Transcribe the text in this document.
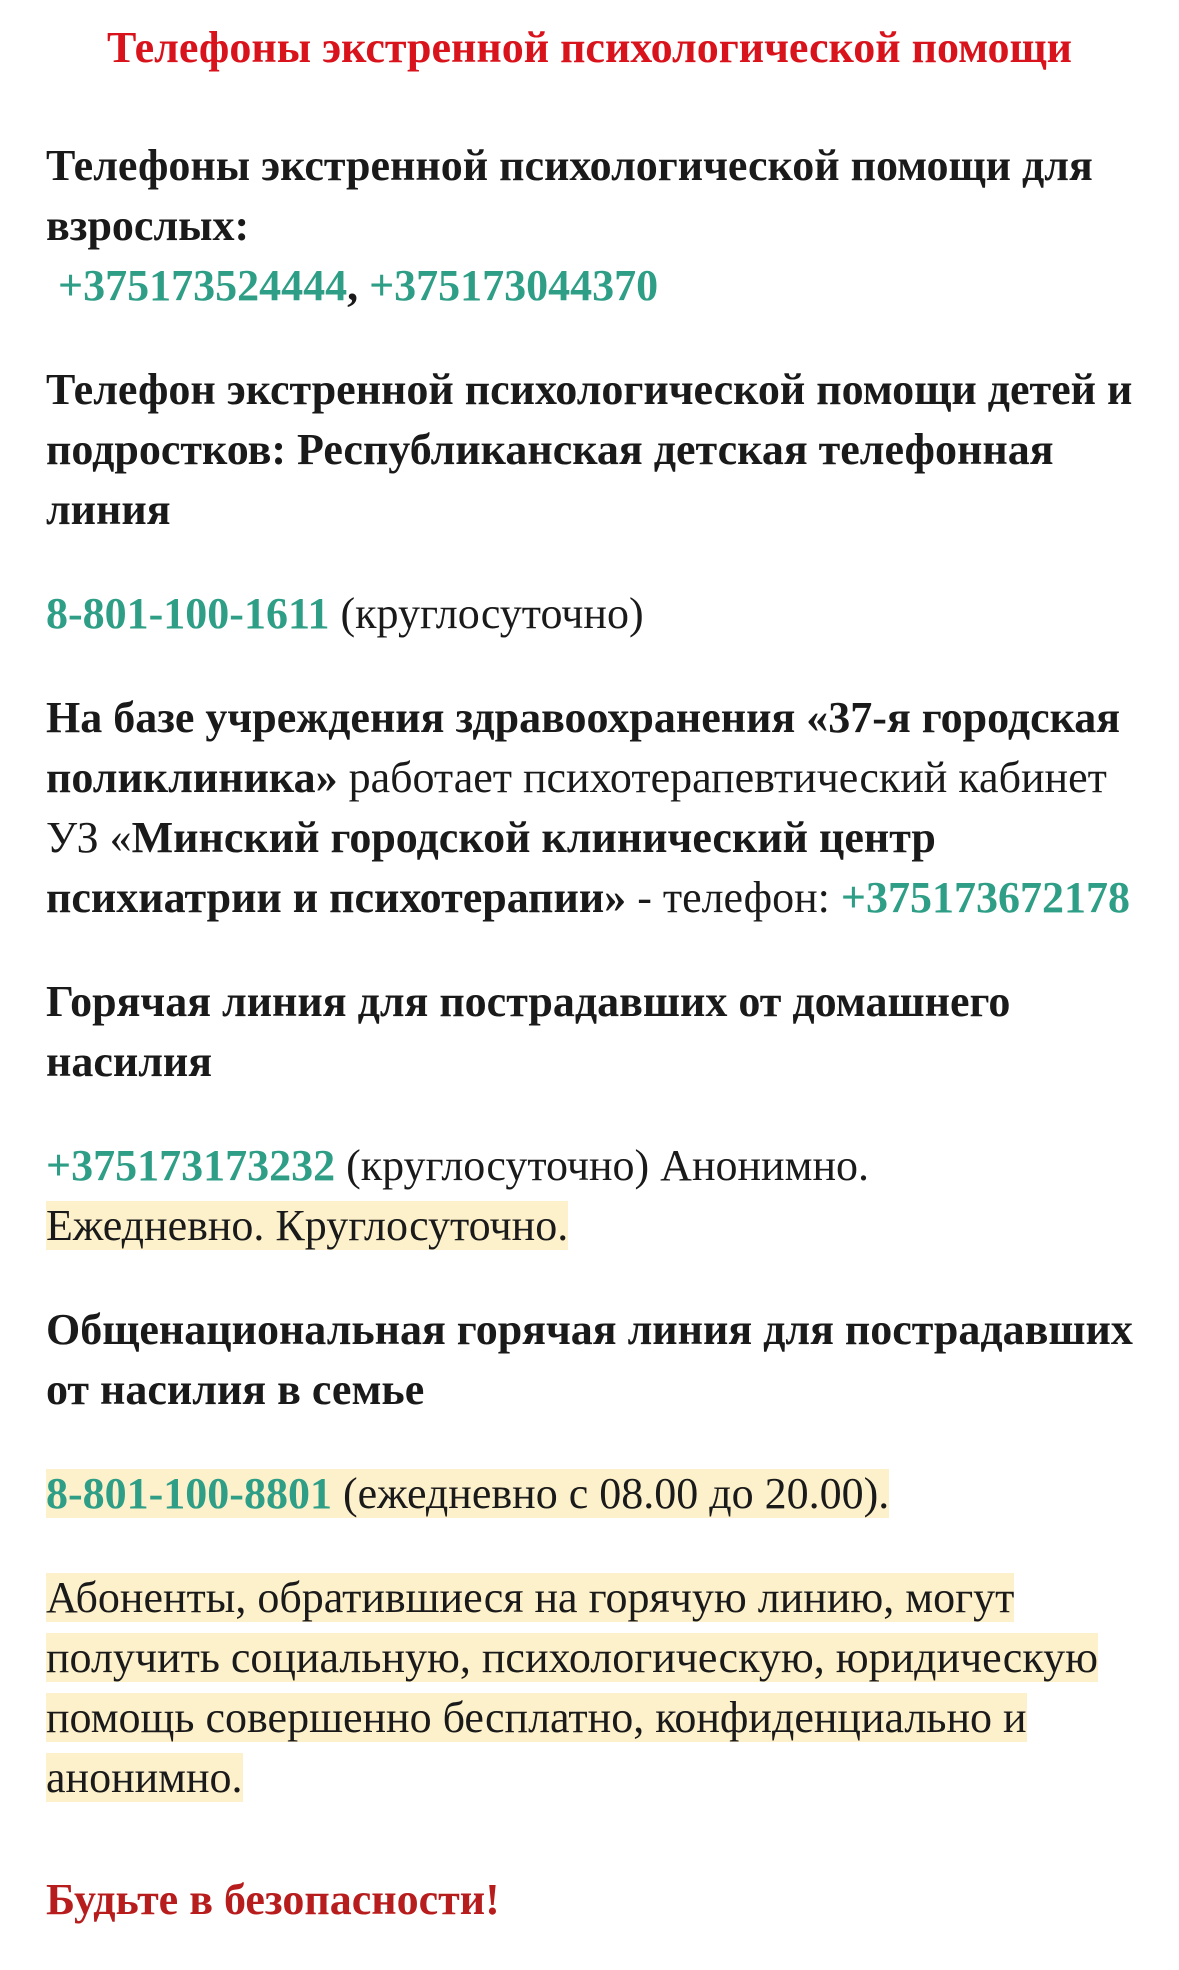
Телефоны экстренной психологической помощи
Телефоны экстренной психологической помощи для взрослых:
+375173524444, +375173044370
Телефон экстренной психологической помощи детей и подростков: Республиканская детская телефонная линия
8-801-100-1611 (круглосуточно)
На базе учреждения здравоохранения «37-я городская поликлиника» работает психотерапевтический кабинет УЗ «Минский городской клинический центр психиатрии и психотерапии» - телефон: +375173672178
Горячая линия для пострадавших от домашнего насилия
+375173173232 (круглосуточно) Анонимно.
Ежедневно. Круглосуточно.
Общенациональная горячая линия для пострадавших от насилия в семье
8-801-100-8801 (ежедневно с 08.00 до 20.00).
Абоненты, обратившиеся на горячую линию, могут получить социальную, психологическую, юридическую помощь совершенно бесплатно, конфиденциально и анонимно.
Будьте в безопасности!
